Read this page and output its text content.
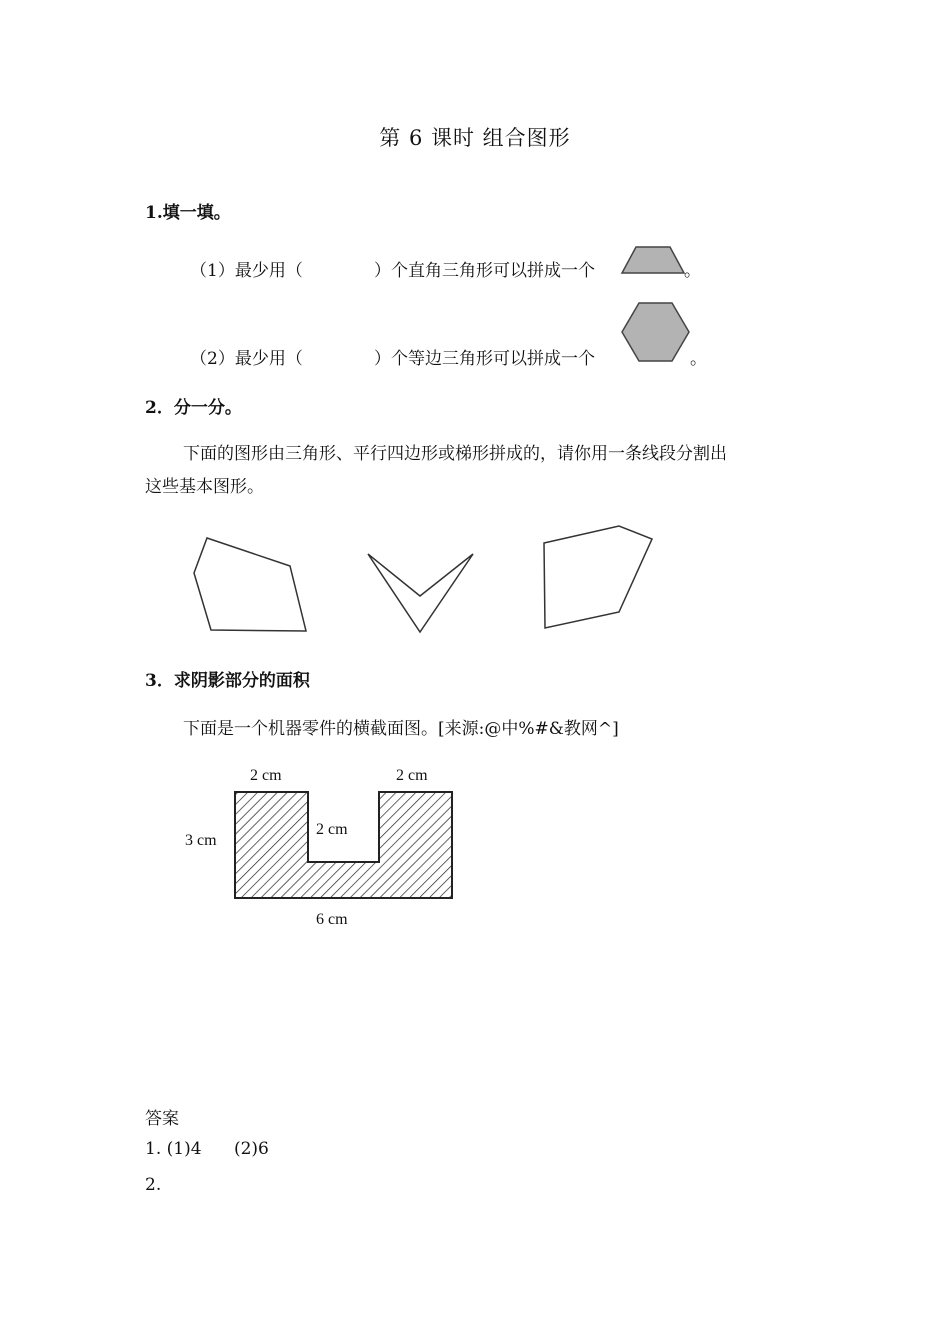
第 6 课时 组合图形
1.填一填。
（1）最少用（	）个直角三角形可以拼成一个	。
（2）最少用（	）个等边三角形可以拼成一个	。
2．分一分。
下面的图形由三角形、平行四边形或梯形拼成的，请你用一条线段分割出
这些基本图形。
3．求阴影部分的面积
下面是一个机器零件的横截面图。[来源:@中%#&教网^]
2 cm	2 cm
2 cm
3 cm
6 cm
答案
1. (1)4      (2)6
2.
